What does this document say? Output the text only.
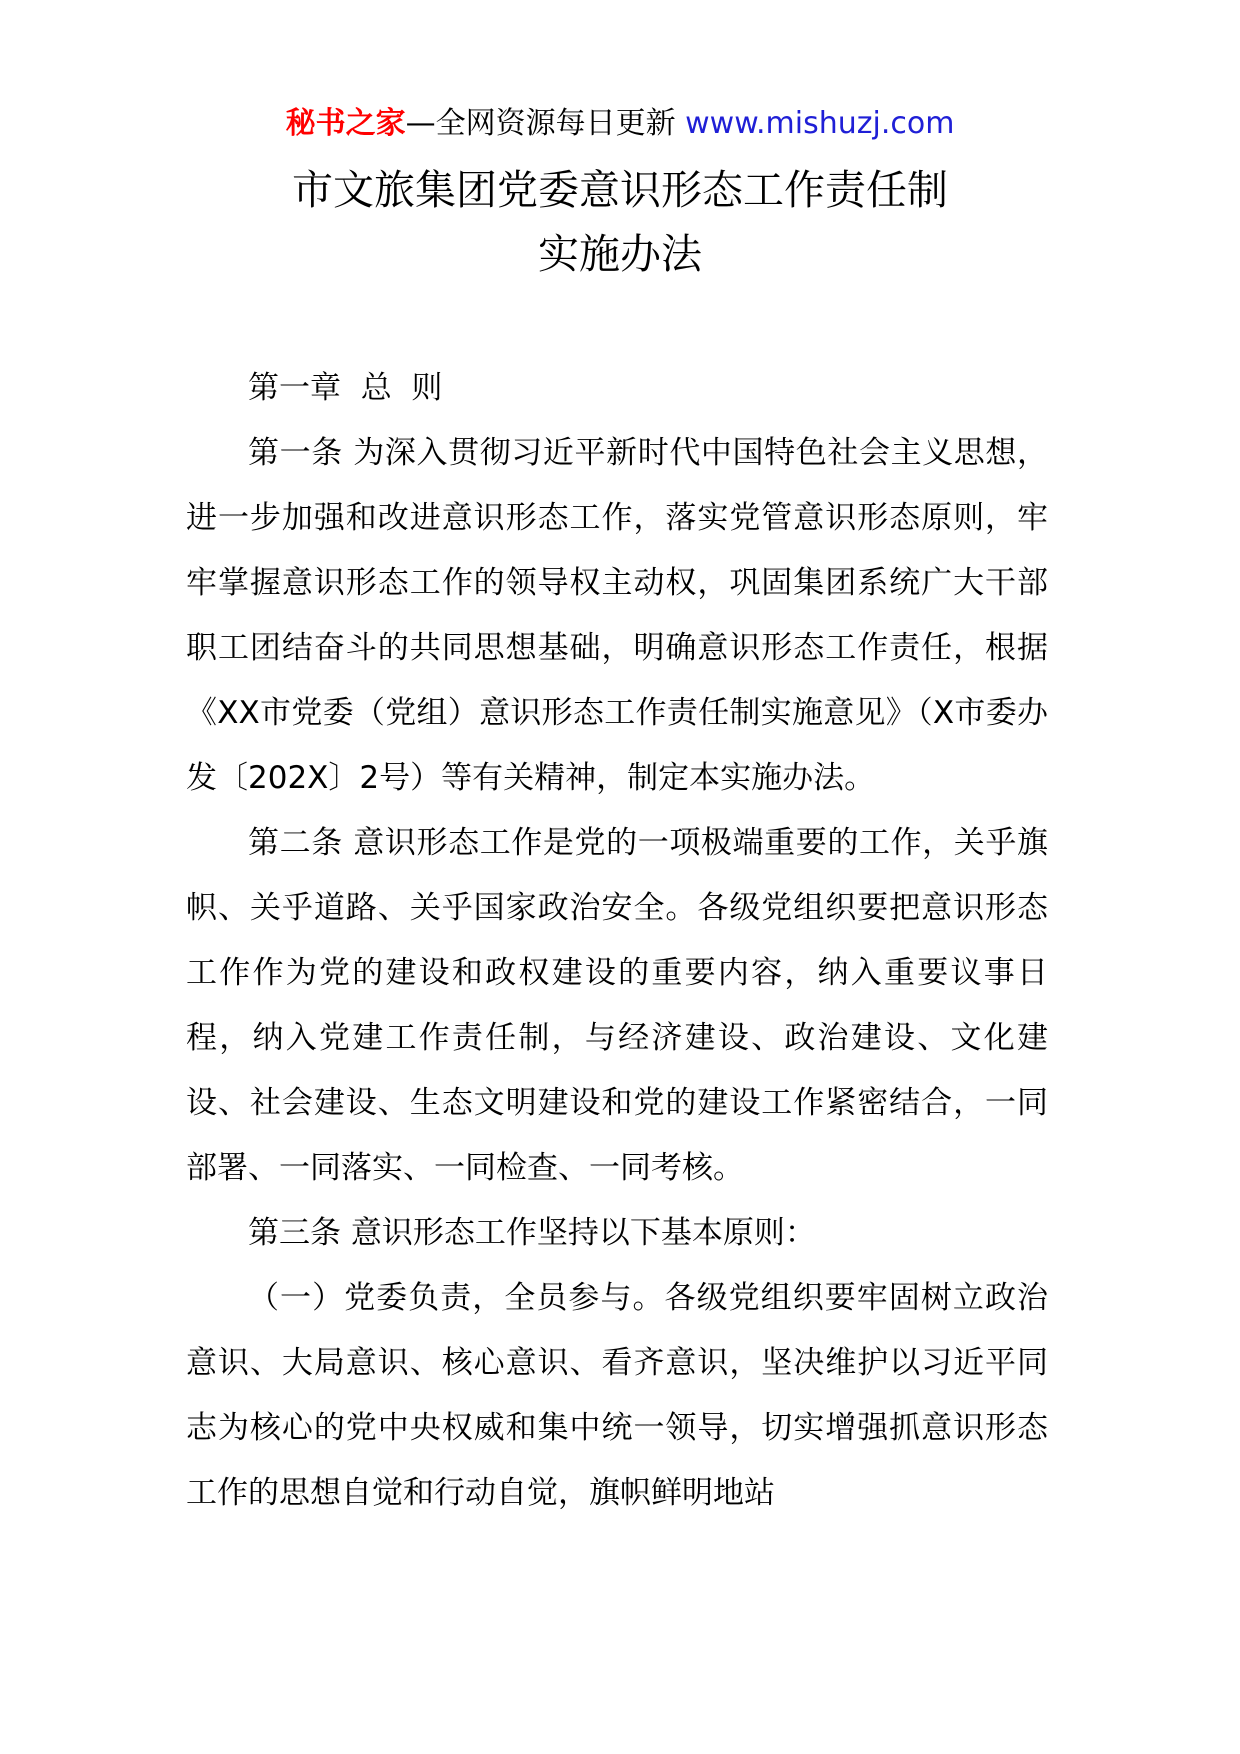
秘书之家—全网资源每日更新 www.mishuzj.com
市文旅集团党委意识形态工作责任制
实施办法

第一章  总  则

第一条 为深入贯彻习近平新时代中国特色社会主义思想，进一步加强和改进意识形态工作，落实党管意识形态原则，牢牢掌握意识形态工作的领导权主动权，巩固集团系统广大干部职工团结奋斗的共同思想基础，明确意识形态工作责任，根据《XX市党委（党组）意识形态工作责任制实施意见》（X市委办发〔202X〕2号）等有关精神，制定本实施办法。

第二条 意识形态工作是党的一项极端重要的工作，关乎旗帜、关乎道路、关乎国家政治安全。各级党组织要把意识形态工作作为党的建设和政权建设的重要内容，纳入重要议事日程，纳入党建工作责任制，与经济建设、政治建设、文化建设、社会建设、生态文明建设和党的建设工作紧密结合，一同部署、一同落实、一同检查、一同考核。

第三条 意识形态工作坚持以下基本原则：

（一）党委负责，全员参与。各级党组织要牢固树立政治意识、大局意识、核心意识、看齐意识，坚决维护以习近平同志为核心的党中央权威和集中统一领导，切实增强抓意识形态工作的思想自觉和行动自觉，旗帜鲜明地站
